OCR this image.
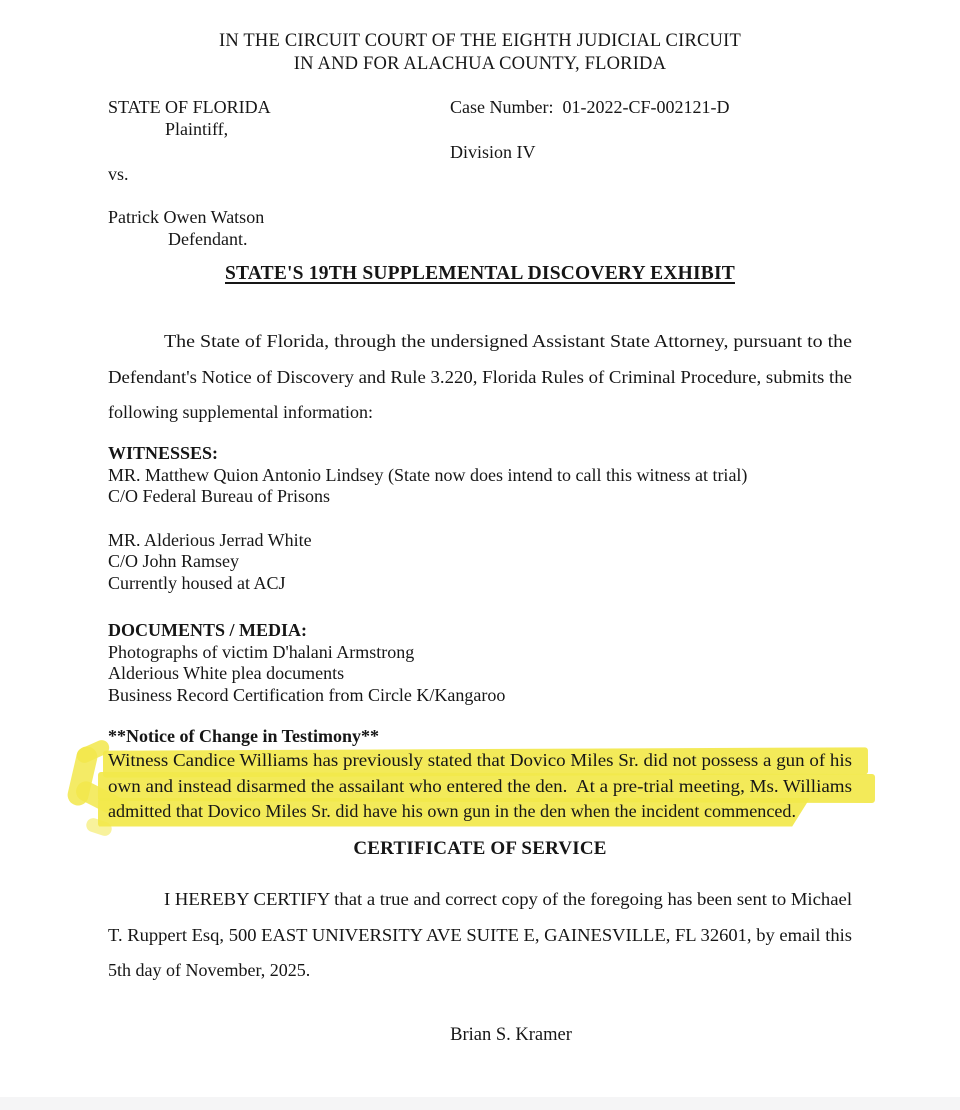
IN THE CIRCUIT COURT OF THE EIGHTH JUDICIAL CIRCUIT
IN AND FOR ALACHUA COUNTY, FLORIDA
STATE OF FLORIDA	Case Number:  01-2022-CF-002121-D
Plaintiff,
Division IV
vs.
Patrick Owen Watson
Defendant.
STATE'S 19TH SUPPLEMENTAL DISCOVERY EXHIBIT
The State of Florida, through the undersigned Assistant State Attorney, pursuant to the
Defendant's Notice of Discovery and Rule 3.220, Florida Rules of Criminal Procedure, submits the
following supplemental information:
WITNESSES:
MR. Matthew Quion Antonio Lindsey (State now does intend to call this witness at trial)
C/O Federal Bureau of Prisons
MR. Alderious Jerrad White
C/O John Ramsey
Currently housed at ACJ
DOCUMENTS / MEDIA:
Photographs of victim D'halani Armstrong
Alderious White plea documents
Business Record Certification from Circle K/Kangaroo
**Notice of Change in Testimony**
Witness Candice Williams has previously stated that Dovico Miles Sr. did not possess a gun of his
own and instead disarmed the assailant who entered the den.  At a pre-trial meeting, Ms. Williams
admitted that Dovico Miles Sr. did have his own gun in the den when the incident commenced.
CERTIFICATE OF SERVICE
I HEREBY CERTIFY that a true and correct copy of the foregoing has been sent to Michael
T. Ruppert Esq, 500 EAST UNIVERSITY AVE SUITE E, GAINESVILLE, FL 32601, by email this
5th day of November, 2025.
Brian S. Kramer
